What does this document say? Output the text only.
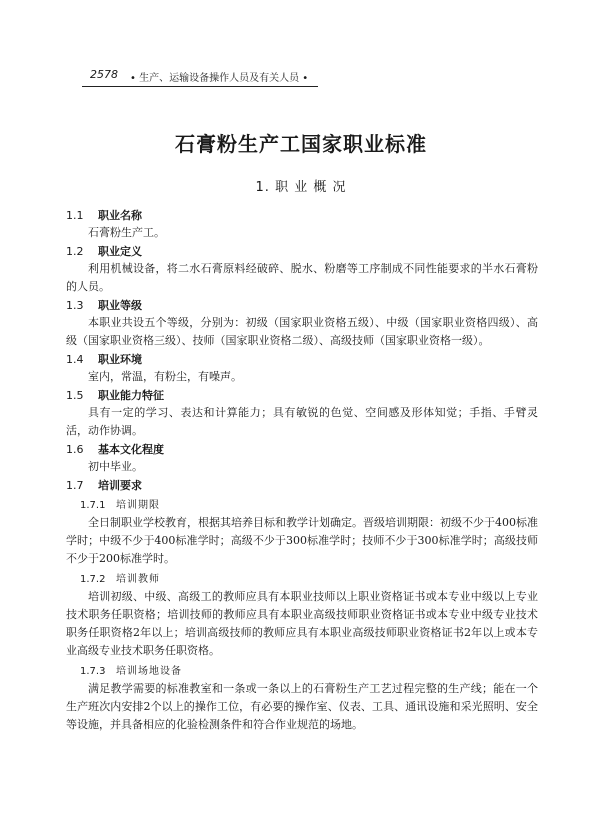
2578 • 生产、运输设备操作人员及有关人员 •
石膏粉生产工国家职业标准
1. 职 业 概 况
1.1 职业名称
石膏粉生产工。
1.2 职业定义
利用机械设备，将二水石膏原料经破碎、脱水、粉磨等工序制成不同性能要求的半水石膏粉的人员。
1.3 职业等级
本职业共设五个等级，分别为：初级（国家职业资格五级）、中级（国家职业资格四级）、高级（国家职业资格三级）、技师（国家职业资格二级）、高级技师（国家职业资格一级）。
1.4 职业环境
室内，常温，有粉尘，有噪声。
1.5 职业能力特征
具有一定的学习、表达和计算能力；具有敏锐的色觉、空间感及形体知觉；手指、手臂灵活，动作协调。
1.6 基本文化程度
初中毕业。
1.7 培训要求
1.7.1 培训期限
全日制职业学校教育，根据其培养目标和教学计划确定。晋级培训期限：初级不少于400标准学时；中级不少于400标准学时；高级不少于300标准学时；技师不少于300标准学时；高级技师不少于200标准学时。
1.7.2 培训教师
培训初级、中级、高级工的教师应具有本职业技师以上职业资格证书或本专业中级以上专业技术职务任职资格；培训技师的教师应具有本职业高级技师职业资格证书或本专业中级专业技术职务任职资格2年以上；培训高级技师的教师应具有本职业高级技师职业资格证书2年以上或本专业高级专业技术职务任职资格。
1.7.3 培训场地设备
满足教学需要的标准教室和一条或一条以上的石膏粉生产工艺过程完整的生产线；能在一个生产班次内安排2个以上的操作工位，有必要的操作室、仪表、工具、通讯设施和采光照明、安全等设施，并具备相应的化验检测条件和符合作业规范的场地。
